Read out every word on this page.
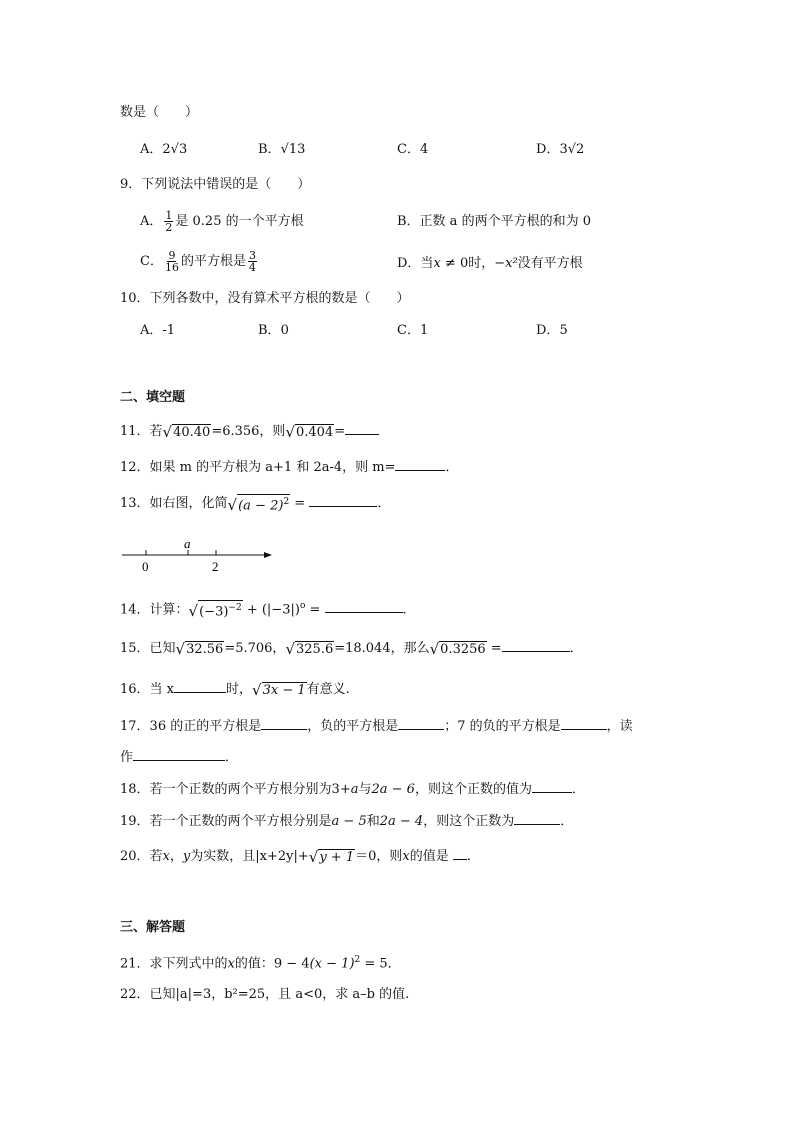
数是（　　）
A．2√3	B．√13	C．4	D．3√2
9．下列说法中错误的是（　　）
A． $\frac{1}{2}$ 是 0.25 的一个平方根	B．正数 a 的两个平方根的和为 0
C． $\frac{9}{16}$ 的平方根是 $\frac{3}{4}$	D．当x ≠ 0时，−x²没有平方根
10．下列各数中，没有算术平方根的数是（　　）
A．-1	B．0	C．1	D．5
二、填空题
11．若 √ 40.40 =6.356，则 √ 0.404 =
12．如果 m 的平方根为 a+1 和 2a-4，则 m=	．
13．如右图，化简 √ $(a - 2)^2$ =	．
a
0	2
14．计算： √ $(-3)^{-2} + (|-3|)^o$ =	.
15．已知 √ 32.56 =5.706， √ 325.6 =18.044，那么 √ 0.3256 =	．
16．当 x	时， √ 3x − 1 有意义.
17．36 的正的平方根是	，负的平方根是	；7 的负的平方根是	，读
作	．
18．若一个正数的两个平方根分别为3+a与2a − 6，则这个正数的值为	．
19．若一个正数的两个平方根分别是a − 5和2a − 4，则这个正数为	．
20．若x，y为实数，且|x+2y|+ √ y + 1 ＝0，则x的值是 ．
三、解答题
21．求下列式中的x的值：$9 - 4(x - 1)^2 = 5$．
22．已知|a|=3，b²=25，且 a<0，求 a–b 的值.
